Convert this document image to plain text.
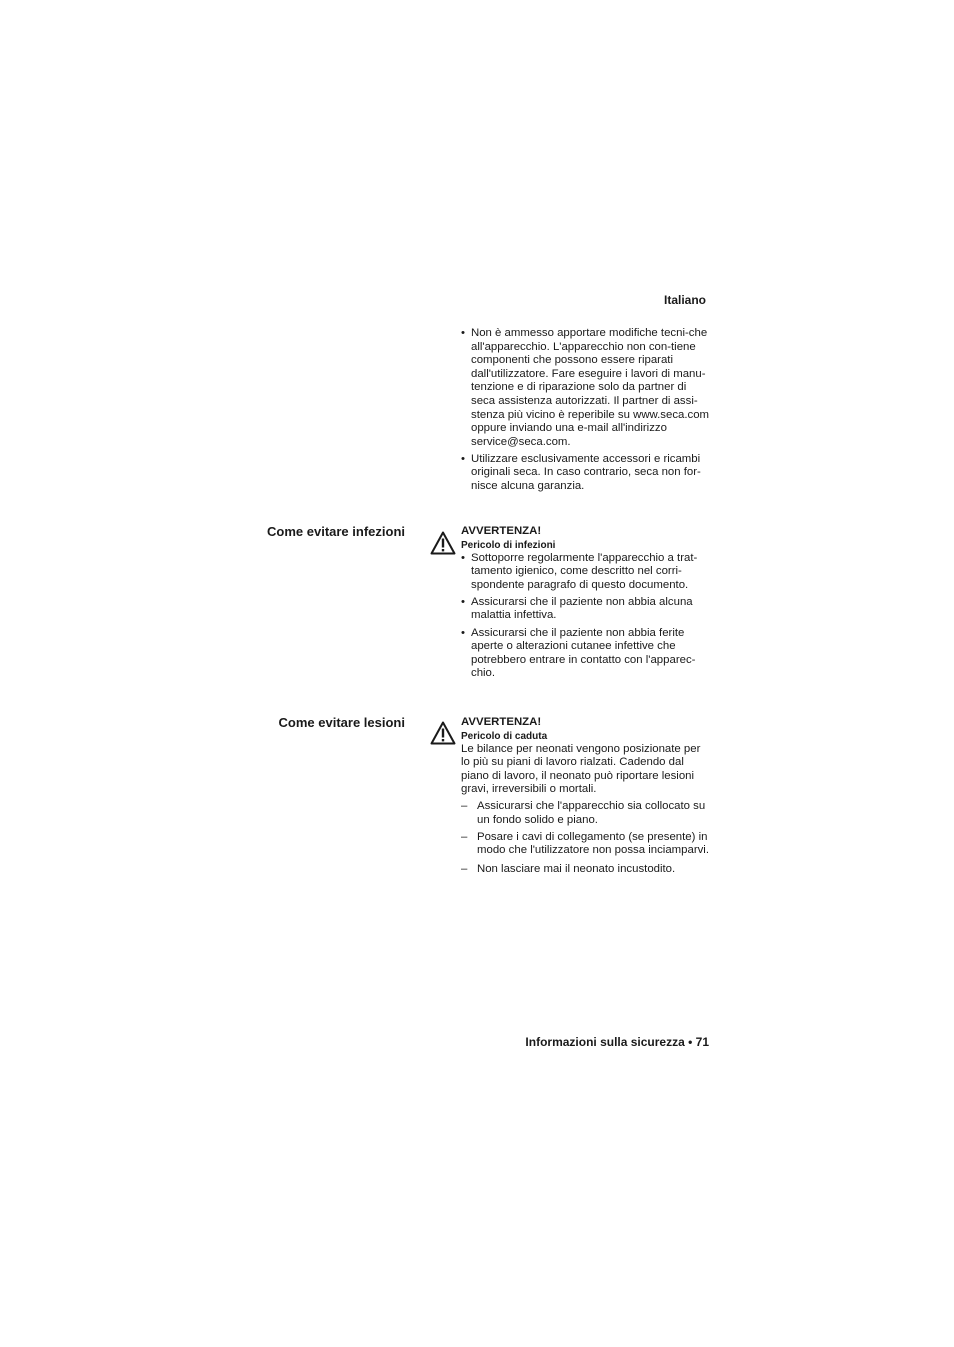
Italiano
• Non è ammesso apportare modifiche tecni-che all'apparecchio. L'apparecchio non con-tiene componenti che possono essere riparati dall'utilizzatore. Fare eseguire i lavori di manu-tenzione e di riparazione solo da partner di seca assistenza autorizzati. Il partner di assi-stenza più vicino è reperibile su www.seca.com oppure inviando una e-mail all'indirizzo service@seca.com.
• Utilizzare esclusivamente accessori e ricambi originali seca. In caso contrario, seca non for-nisce alcuna garanzia.
Come evitare infezioni	AVVERTENZA!
Pericolo di infezioni
• Sottoporre regolarmente l'apparecchio a trat-tamento igienico, come descritto nel corri-spondente paragrafo di questo documento.
• Assicurarsi che il paziente non abbia alcuna malattia infettiva.
• Assicurarsi che il paziente non abbia ferite aperte o alterazioni cutanee infettive che potrebbero entrare in contatto con l'apparec-chio.
Come evitare lesioni	AVVERTENZA!
Pericolo di caduta

Le bilance per neonati vengono posizionate per lo più su piani di lavoro rialzati. Cadendo dal piano di lavoro, il neonato può riportare lesioni gravi, irreversibili o mortali.

– Assicurarsi che l'apparecchio sia collocato su un fondo solido e piano.
– Posare i cavi di collegamento (se presente) in modo che l'utilizzatore non possa inciamparvi.
– Non lasciare mai il neonato incustodito.
Informazioni sulla sicurezza • 71
